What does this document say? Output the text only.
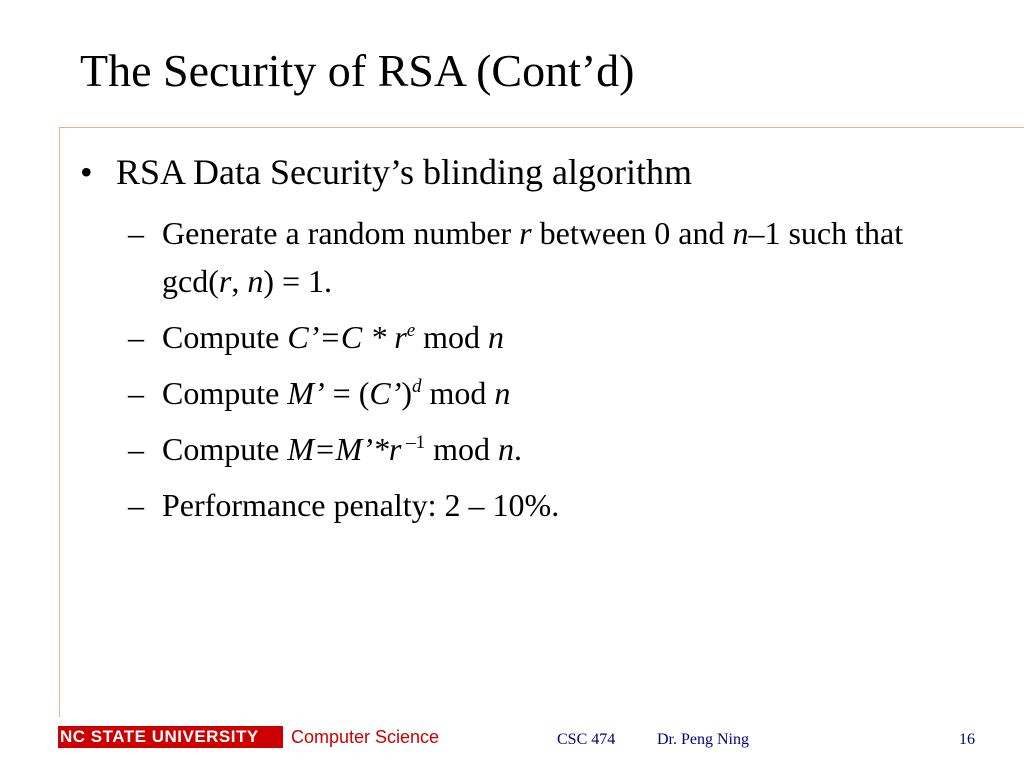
The Security of RSA (Cont’d)
• RSA Data Security’s blinding algorithm
– Generate a random number r between 0 and n–1 such that gcd(r, n) = 1.
– Compute C’=C * $r^e$ mod n
– Compute M’ = (C’)$^d$ mod n
– Compute M=M’*r $^{-1}$ mod n.
– Performance penalty: 2 – 10%.
NC STATE UNIVERSITY Computer Science	CSC 474	Dr. Peng Ning	16
